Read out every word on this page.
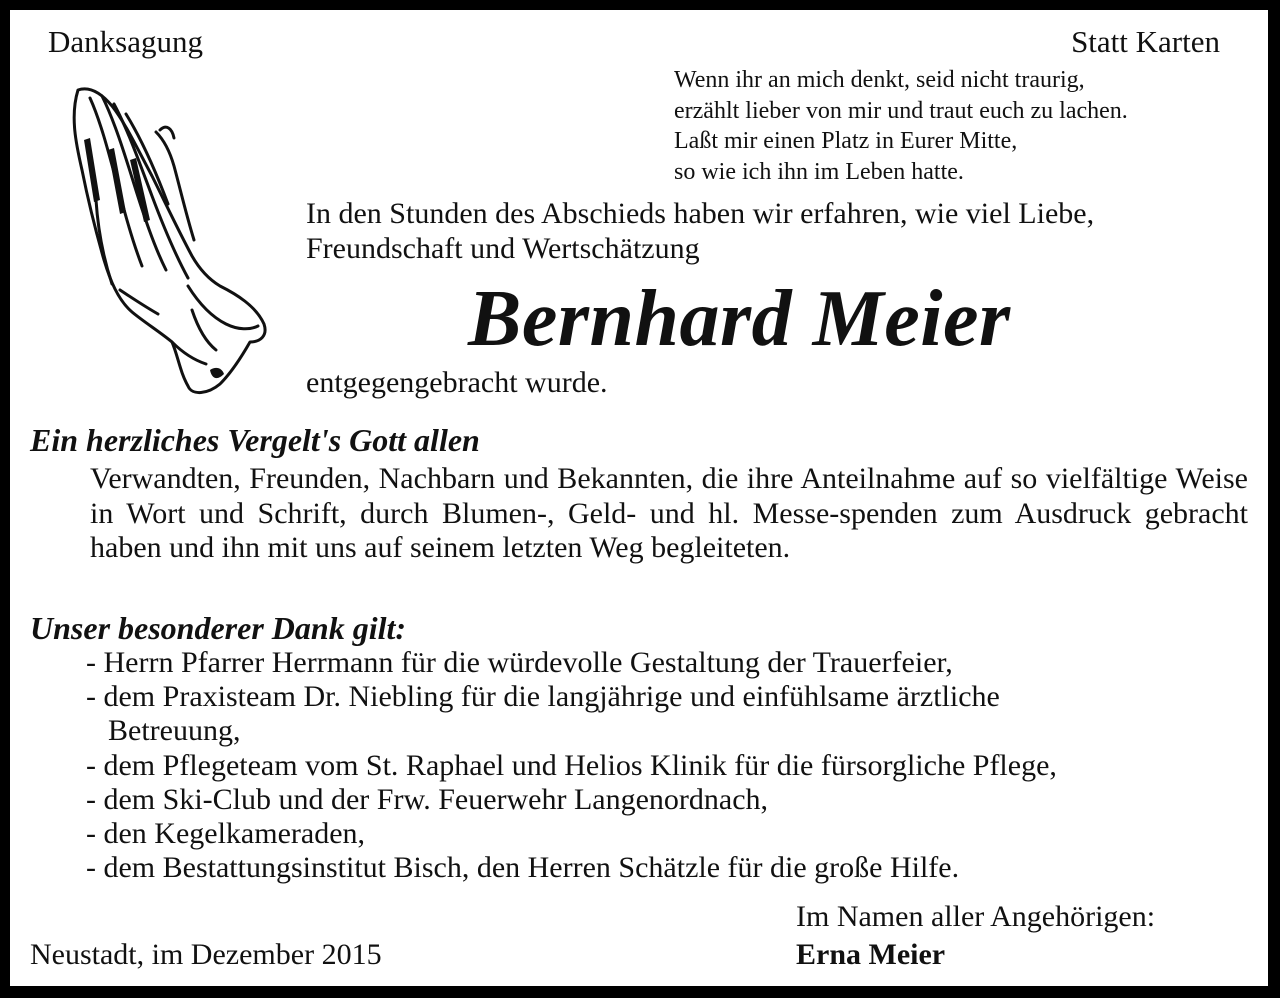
Danksagung	Statt Karten
Wenn ihr an mich denkt, seid nicht traurig,
erzählt lieber von mir und traut euch zu lachen.
Laßt mir einen Platz in Eurer Mitte,
so wie ich ihn im Leben hatte.
In den Stunden des Abschieds haben wir erfahren, wie viel Liebe,
Freundschaft und Wertschätzung
Bernhard Meier
entgegengebracht wurde.
Ein herzliches Vergelt's Gott allen
Verwandten, Freunden, Nachbarn und Bekannten, die ihre Anteilnahme auf so vielfältige Weise in Wort und Schrift, durch Blumen-, Geld- und hl. Messe-spenden zum Ausdruck gebracht haben und ihn mit uns auf seinem letzten Weg begleiteten.
Unser besonderer Dank gilt:
- Herrn Pfarrer Herrmann für die würdevolle Gestaltung der Trauerfeier,
- dem Praxisteam Dr. Niebling für die langjährige und einfühlsame ärztliche
Betreuung,
- dem Pflegeteam vom St. Raphael und Helios Klinik für die fürsorgliche Pflege,
- dem Ski-Club und der Frw. Feuerwehr Langenordnach,
- den Kegelkameraden,
- dem Bestattungsinstitut Bisch, den Herren Schätzle für die große Hilfe.
Im Namen aller Angehörigen:
Erna Meier
Neustadt, im Dezember 2015
